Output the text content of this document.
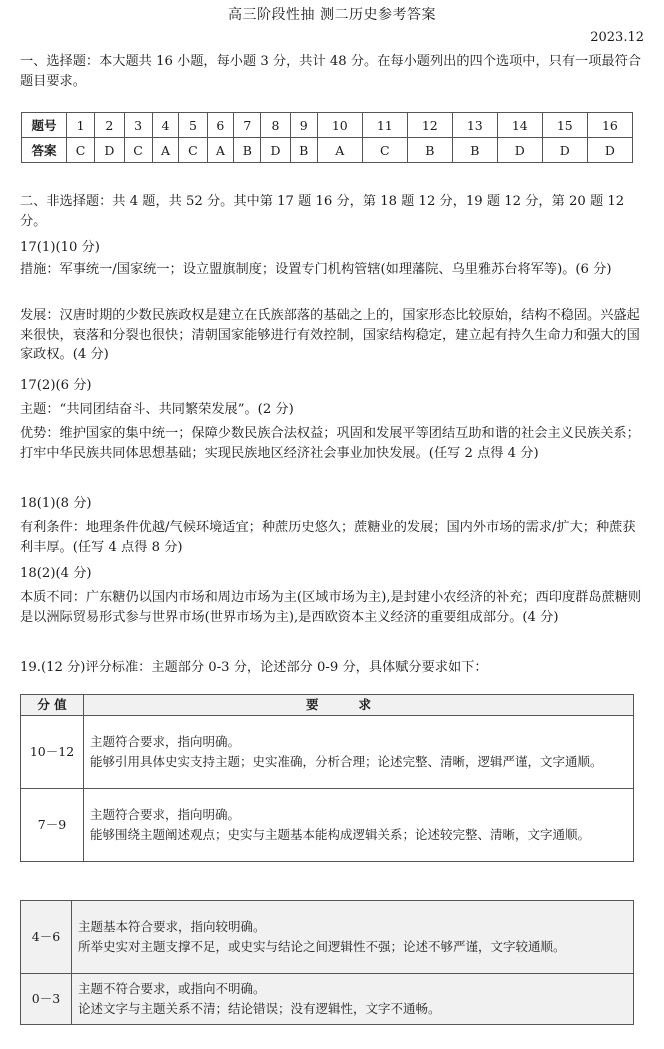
高三阶段性抽 测二历史参考答案
2023.12
一、选择题：本大题共 16 小题，每小题 3 分，共计 48 分。在每小题列出的四个选项中，只有一项最符合题目要求。
题号	1	2	3	4	5	6	7	8	9	10	11	12	13	14	15	16
答案	C	D	C	A	C	A	B	D	B	A	C	B	B	D	D	D
二、非选择题：共 4 题，共 52 分。其中第 17 题 16 分，第 18 题 12 分，19 题 12 分，第 20 题 12 分。
17(1)(10 分)
措施：军事统一/国家统一；设立盟旗制度；设置专门机构管辖(如理藩院、乌里雅苏台将军等)。(6 分)
发展：汉唐时期的少数民族政权是建立在氏族部落的基础之上的，国家形态比较原始，结构不稳固。兴盛起来很快，衰落和分裂也很快；清朝国家能够进行有效控制，国家结构稳定，建立起有持久生命力和强大的国家政权。(4 分)
17(2)(6 分)
主题：“共同团结奋斗、共同繁荣发展”。(2 分)
优势：维护国家的集中统一；保障少数民族合法权益；巩固和发展平等团结互助和谐的社会主义民族关系；打牢中华民族共同体思想基础；实现民族地区经济社会事业加快发展。(任写 2 点得 4 分)
18(1)(8 分)
有利条件：地理条件优越/气候环境适宜；种蔗历史悠久；蔗糖业的发展；国内外市场的需求/扩大；种蔗获利丰厚。(任写 4 点得 8 分)
18(2)(4 分)
本质不同：广东糖仍以国内市场和周边市场为主(区域市场为主),是封建小农经济的补充；西印度群岛蔗糖则是以洲际贸易形式参与世界市场(世界市场为主),是西欧资本主义经济的重要组成部分。(4 分)
19.(12 分)评分标准：主题部分 0-3 分，论述部分 0-9 分，具体赋分要求如下：
分 值	要求
10－12	主题符合要求，指向明确。
能够引用具体史实支持主题；史实准确，分析合理；论述完整、清晰，逻辑严谨，文字通顺。

7－9	主题符合要求，指向明确。
能够围绕主题阐述观点；史实与主题基本能构成逻辑关系；论述较完整、清晰，文字通顺。
4－6	主题基本符合要求，指向较明确。
所举史实对主题支撑不足，或史实与结论之间逻辑性不强；论述不够严谨，文字较通顺。

0－3	主题不符合要求，或指向不明确。
论述文字与主题关系不清；结论错误；没有逻辑性，文字不通畅。
